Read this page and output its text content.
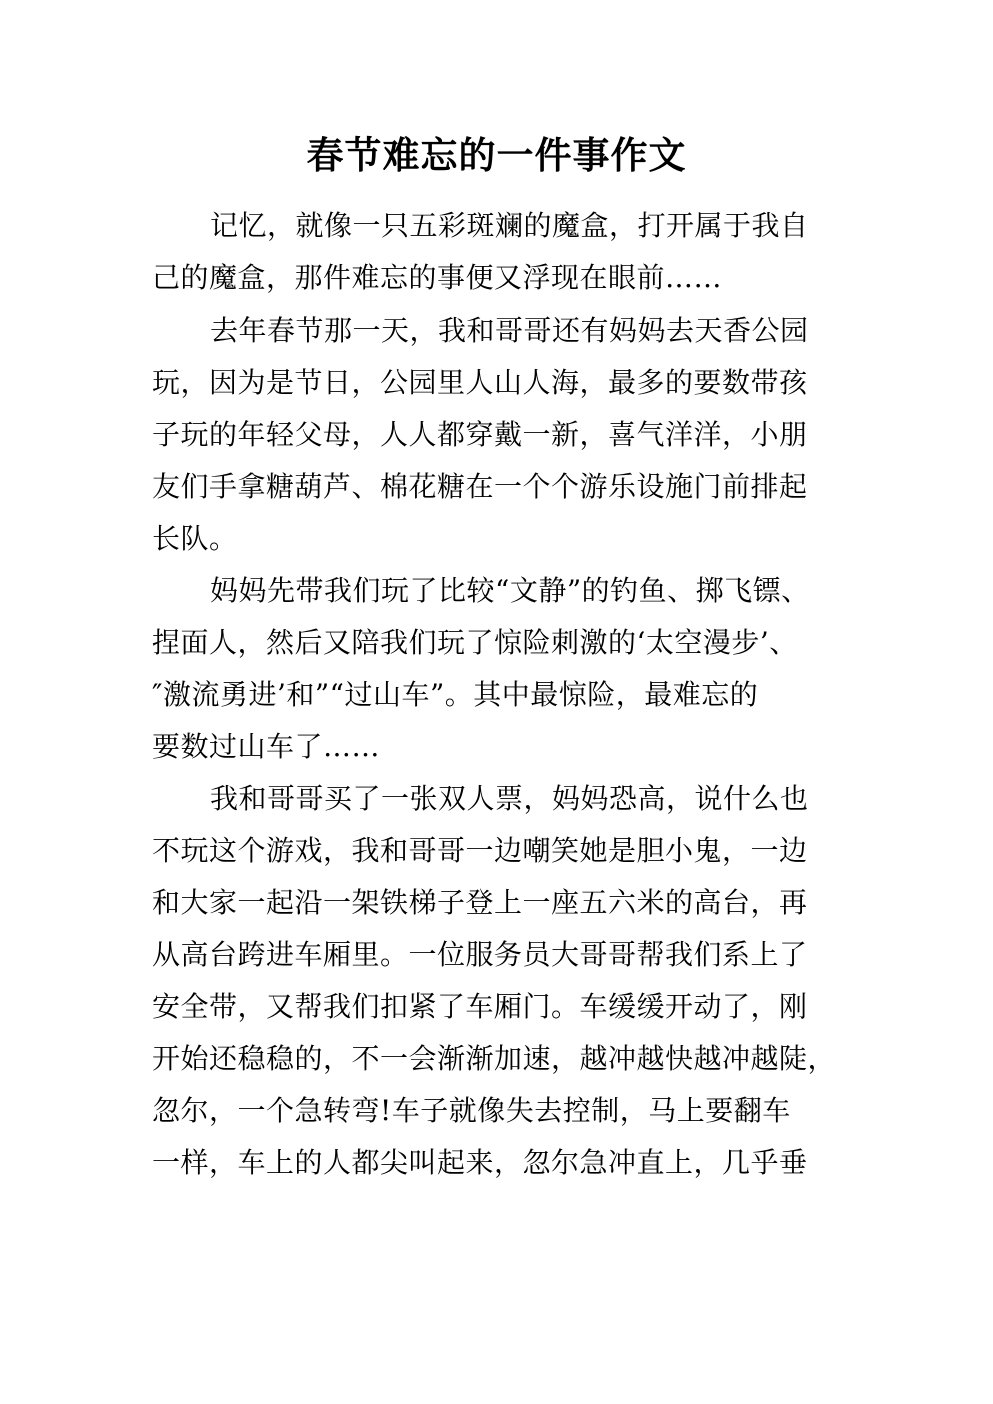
春节难忘的一件事作文
记忆，就像一只五彩斑斓的魔盒，打开属于我自
己的魔盒，那件难忘的事便又浮现在眼前……
去年春节那一天，我和哥哥还有妈妈去天香公园
玩，因为是节日，公园里人山人海，最多的要数带孩
子玩的年轻父母，人人都穿戴一新，喜气洋洋，小朋
友们手拿糖葫芦、棉花糖在一个个游乐设施门前排起
长队。
妈妈先带我们玩了比较“文静”的钓鱼、掷飞镖、
捏面人，然后又陪我们玩了惊险刺激的‘太空漫步’、
″激流勇进’和”“过山车”。其中最惊险，最难忘的
要数过山车了……
我和哥哥买了一张双人票，妈妈恐高，说什么也
不玩这个游戏，我和哥哥一边嘲笑她是胆小鬼，一边
和大家一起沿一架铁梯子登上一座五六米的高台，再
从高台跨进车厢里。一位服务员大哥哥帮我们系上了
安全带，又帮我们扣紧了车厢门。车缓缓开动了，刚
开始还稳稳的，不一会渐渐加速，越冲越快越冲越陡，
忽尔，一个急转弯!车子就像失去控制，马上要翻车
一样，车上的人都尖叫起来，忽尔急冲直上，几乎垂
